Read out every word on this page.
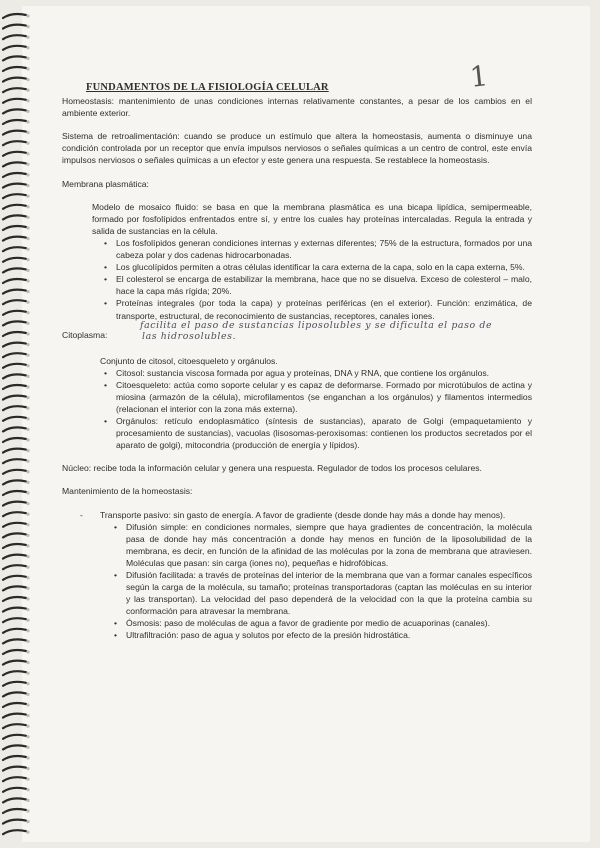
1
FUNDAMENTOS DE LA FISIOLOGÍA CELULAR

Homeostasis: mantenimiento de unas condiciones internas relativamente constantes, a pesar de los cambios en el ambiente exterior.

Sistema de retroalimentación: cuando se produce un estímulo que altera la homeostasis, aumenta o disminuye una condición controlada por un receptor que envía impulsos nerviosos o señales químicas a un centro de control, este envía impulsos nerviosos o señales químicas a un efector y este genera una respuesta. Se restablece la homeostasis.

Membrana plasmática:

Modelo de mosaico fluido: se basa en que la membrana plasmática es una bicapa lipídica, semipermeable, formado por fosfolípidos enfrentados entre sí, y entre los cuales hay proteínas intercaladas. Regula la entrada y salida de sustancias en la célula.

• Los fosfolípidos generan condiciones internas y externas diferentes; 75% de la estructura, formados por una cabeza polar y dos cadenas hidrocarbonadas.
• Los glucolípidos permiten a otras células identificar la cara externa de la capa, solo en la capa externa, 5%.
• El colesterol se encarga de estabilizar la membrana, hace que no se disuelva. Exceso de colesterol – malo, hace la capa más rígida; 20%.
• Proteínas integrales (por toda la capa) y proteínas periféricas (en el exterior). Función: enzimática, de transporte, estructural, de reconocimiento de sustancias, receptores, canales iones.
Citoplasma:
facilita el paso de sustancias liposolubles y se dificulta el paso de
las hidrosolubles.

Conjunto de citosol, citoesqueleto y orgánulos.

• Citosol: sustancia viscosa formada por agua y proteínas, DNA y RNA, que contiene los orgánulos.
• Citoesqueleto: actúa como soporte celular y es capaz de deformarse. Formado por microtúbulos de actina y miosina (armazón de la célula), microfilamentos (se enganchan a los orgánulos) y filamentos intermedios (relacionan el interior con la zona más externa).
• Orgánulos: retículo endoplasmático (síntesis de sustancias), aparato de Golgi (empaquetamiento y procesamiento de sustancias), vacuolas (lisosomas-peroxisomas: contienen los productos secretados por el aparato de golgi), mitocondria (producción de energía y lípidos).

Núcleo: recibe toda la información celular y genera una respuesta. Regulador de todos los procesos celulares.

Mantenimiento de la homeostasis:

- Transporte pasivo: sin gasto de energía. A favor de gradiente (desde donde hay más a donde hay menos).
• Difusión simple: en condiciones normales, siempre que haya gradientes de concentración, la molécula pasa de donde hay más concentración a donde hay menos en función de la liposolubilidad de la membrana, es decir, en función de la afinidad de las moléculas por la zona de membrana que atraviesen. Moléculas que pasan: sin carga (iones no), pequeñas e hidrofóbicas.
• Difusión facilitada: a través de proteínas del interior de la membrana que van a formar canales específicos según la carga de la molécula, su tamaño; proteínas transportadoras (captan las moléculas en su interior y las transportan). La velocidad del paso dependerá de la velocidad con la que la proteína cambia su conformación para atravesar la membrana.
• Ósmosis: paso de moléculas de agua a favor de gradiente por medio de acuaporinas (canales).
• Ultrafiltración: paso de agua y solutos por efecto de la presión hidrostática.
